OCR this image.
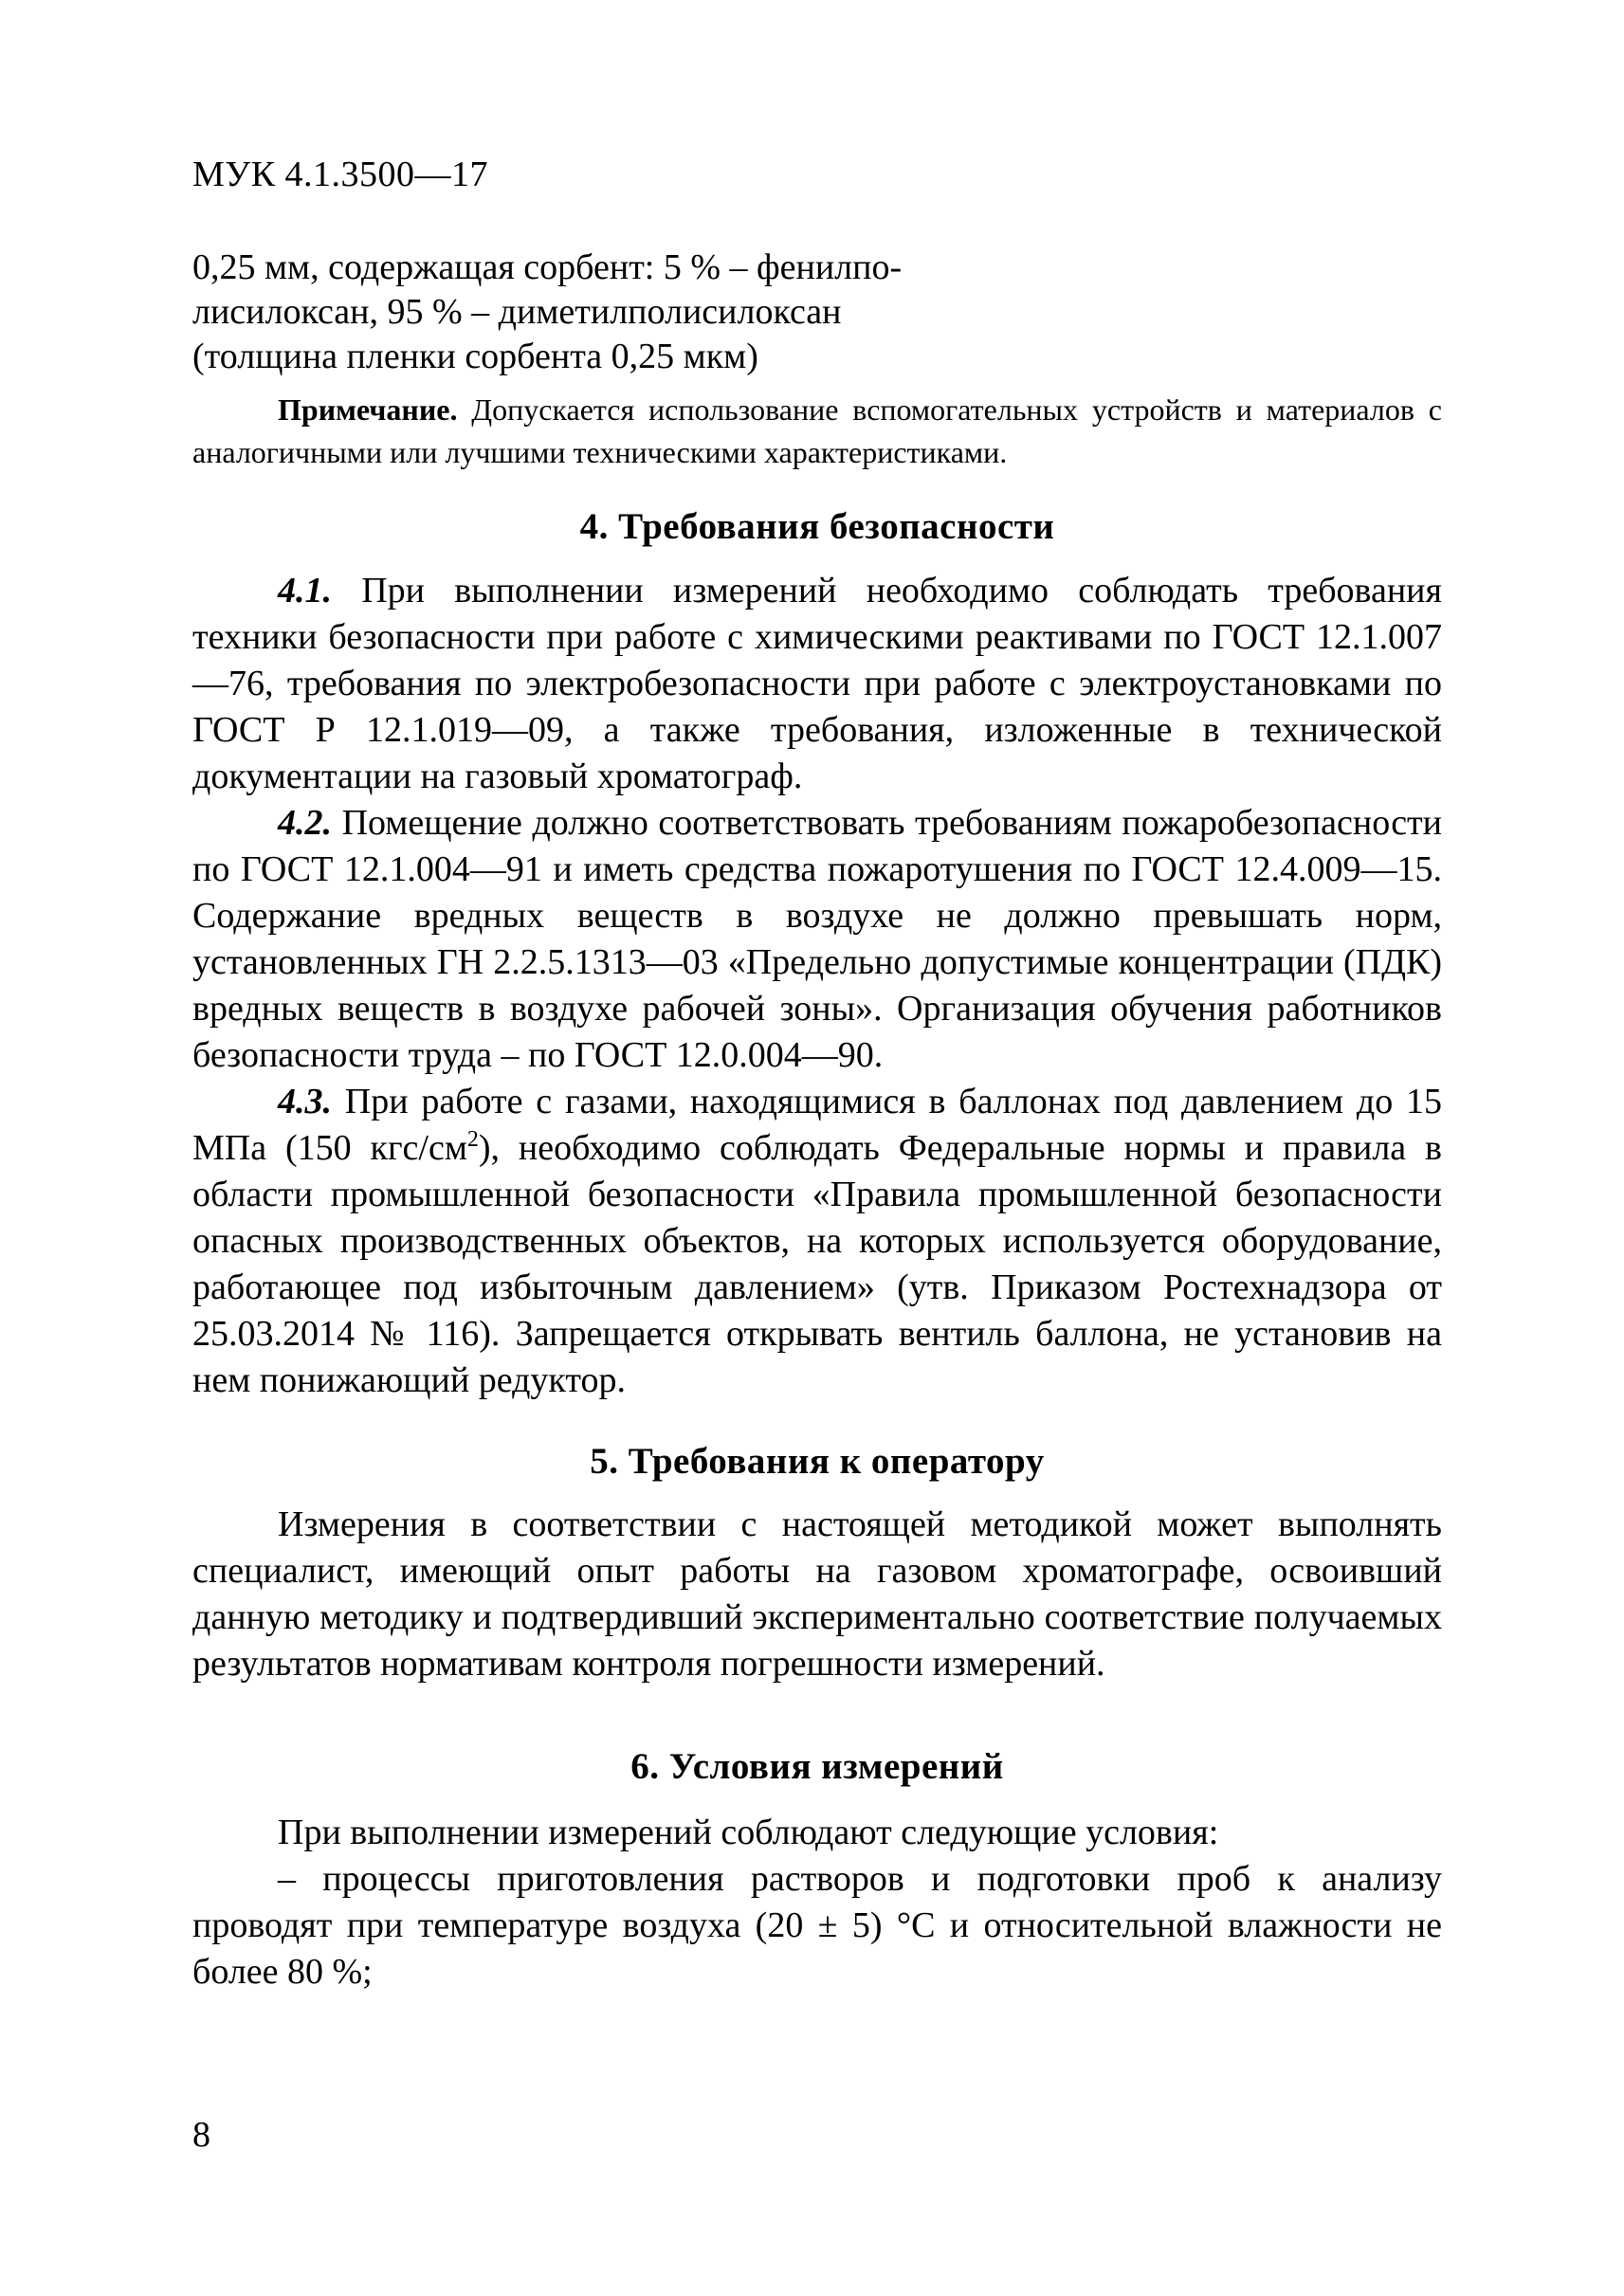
МУК 4.1.3500—17
0,25 мм, содержащая сорбент: 5 % – фенилпо-
лисилоксан, 95 % – диметилполисилоксан
(толщина пленки сорбента 0,25 мкм)
Примечание. Допускается использование вспомогательных устройств и материалов с аналогичными или лучшими техническими характеристиками.
4. Требования безопасности

4.1. При выполнении измерений необходимо соблюдать требования техники безопасности при работе с химическими реактивами по ГОСТ 12.1.007—76, требования по электробезопасности при работе с электроустановками по ГОСТ Р 12.1.019—09, а также требования, изложенные в технической документации на газовый хроматограф.

4.2. Помещение должно соответствовать требованиям пожаробезопасности по ГОСТ 12.1.004—91 и иметь средства пожаротушения по ГОСТ 12.4.009—15. Содержание вредных веществ в воздухе не должно превышать норм, установленных ГН 2.2.5.1313—03 «Предельно допустимые концентрации (ПДК) вредных веществ в воздухе рабочей зоны». Организация обучения работников безопасности труда – по ГОСТ 12.0.004—90.

4.3. При работе с газами, находящимися в баллонах под давлением до 15 МПа (150 кгс/$см^2$), необходимо соблюдать Федеральные нормы и правила в области промышленной безопасности «Правила промышленной безопасности опасных производственных объектов, на которых используется оборудование, работающее под избыточным давлением» (утв. Приказом Ростехнадзора от 25.03.2014 № 116). Запрещается открывать вентиль баллона, не установив на нем понижающий редуктор.

5. Требования к оператору

Измерения в соответствии с настоящей методикой может выполнять специалист, имеющий опыт работы на газовом хроматографе, освоивший данную методику и подтвердивший экспериментально соответствие получаемых результатов нормативам контроля погрешности измерений.

6. Условия измерений

При выполнении измерений соблюдают следующие условия:

– процессы приготовления растворов и подготовки проб к анализу проводят при температуре воздуха (20 ± 5) °С и относительной влажности не более 80 %;

8
